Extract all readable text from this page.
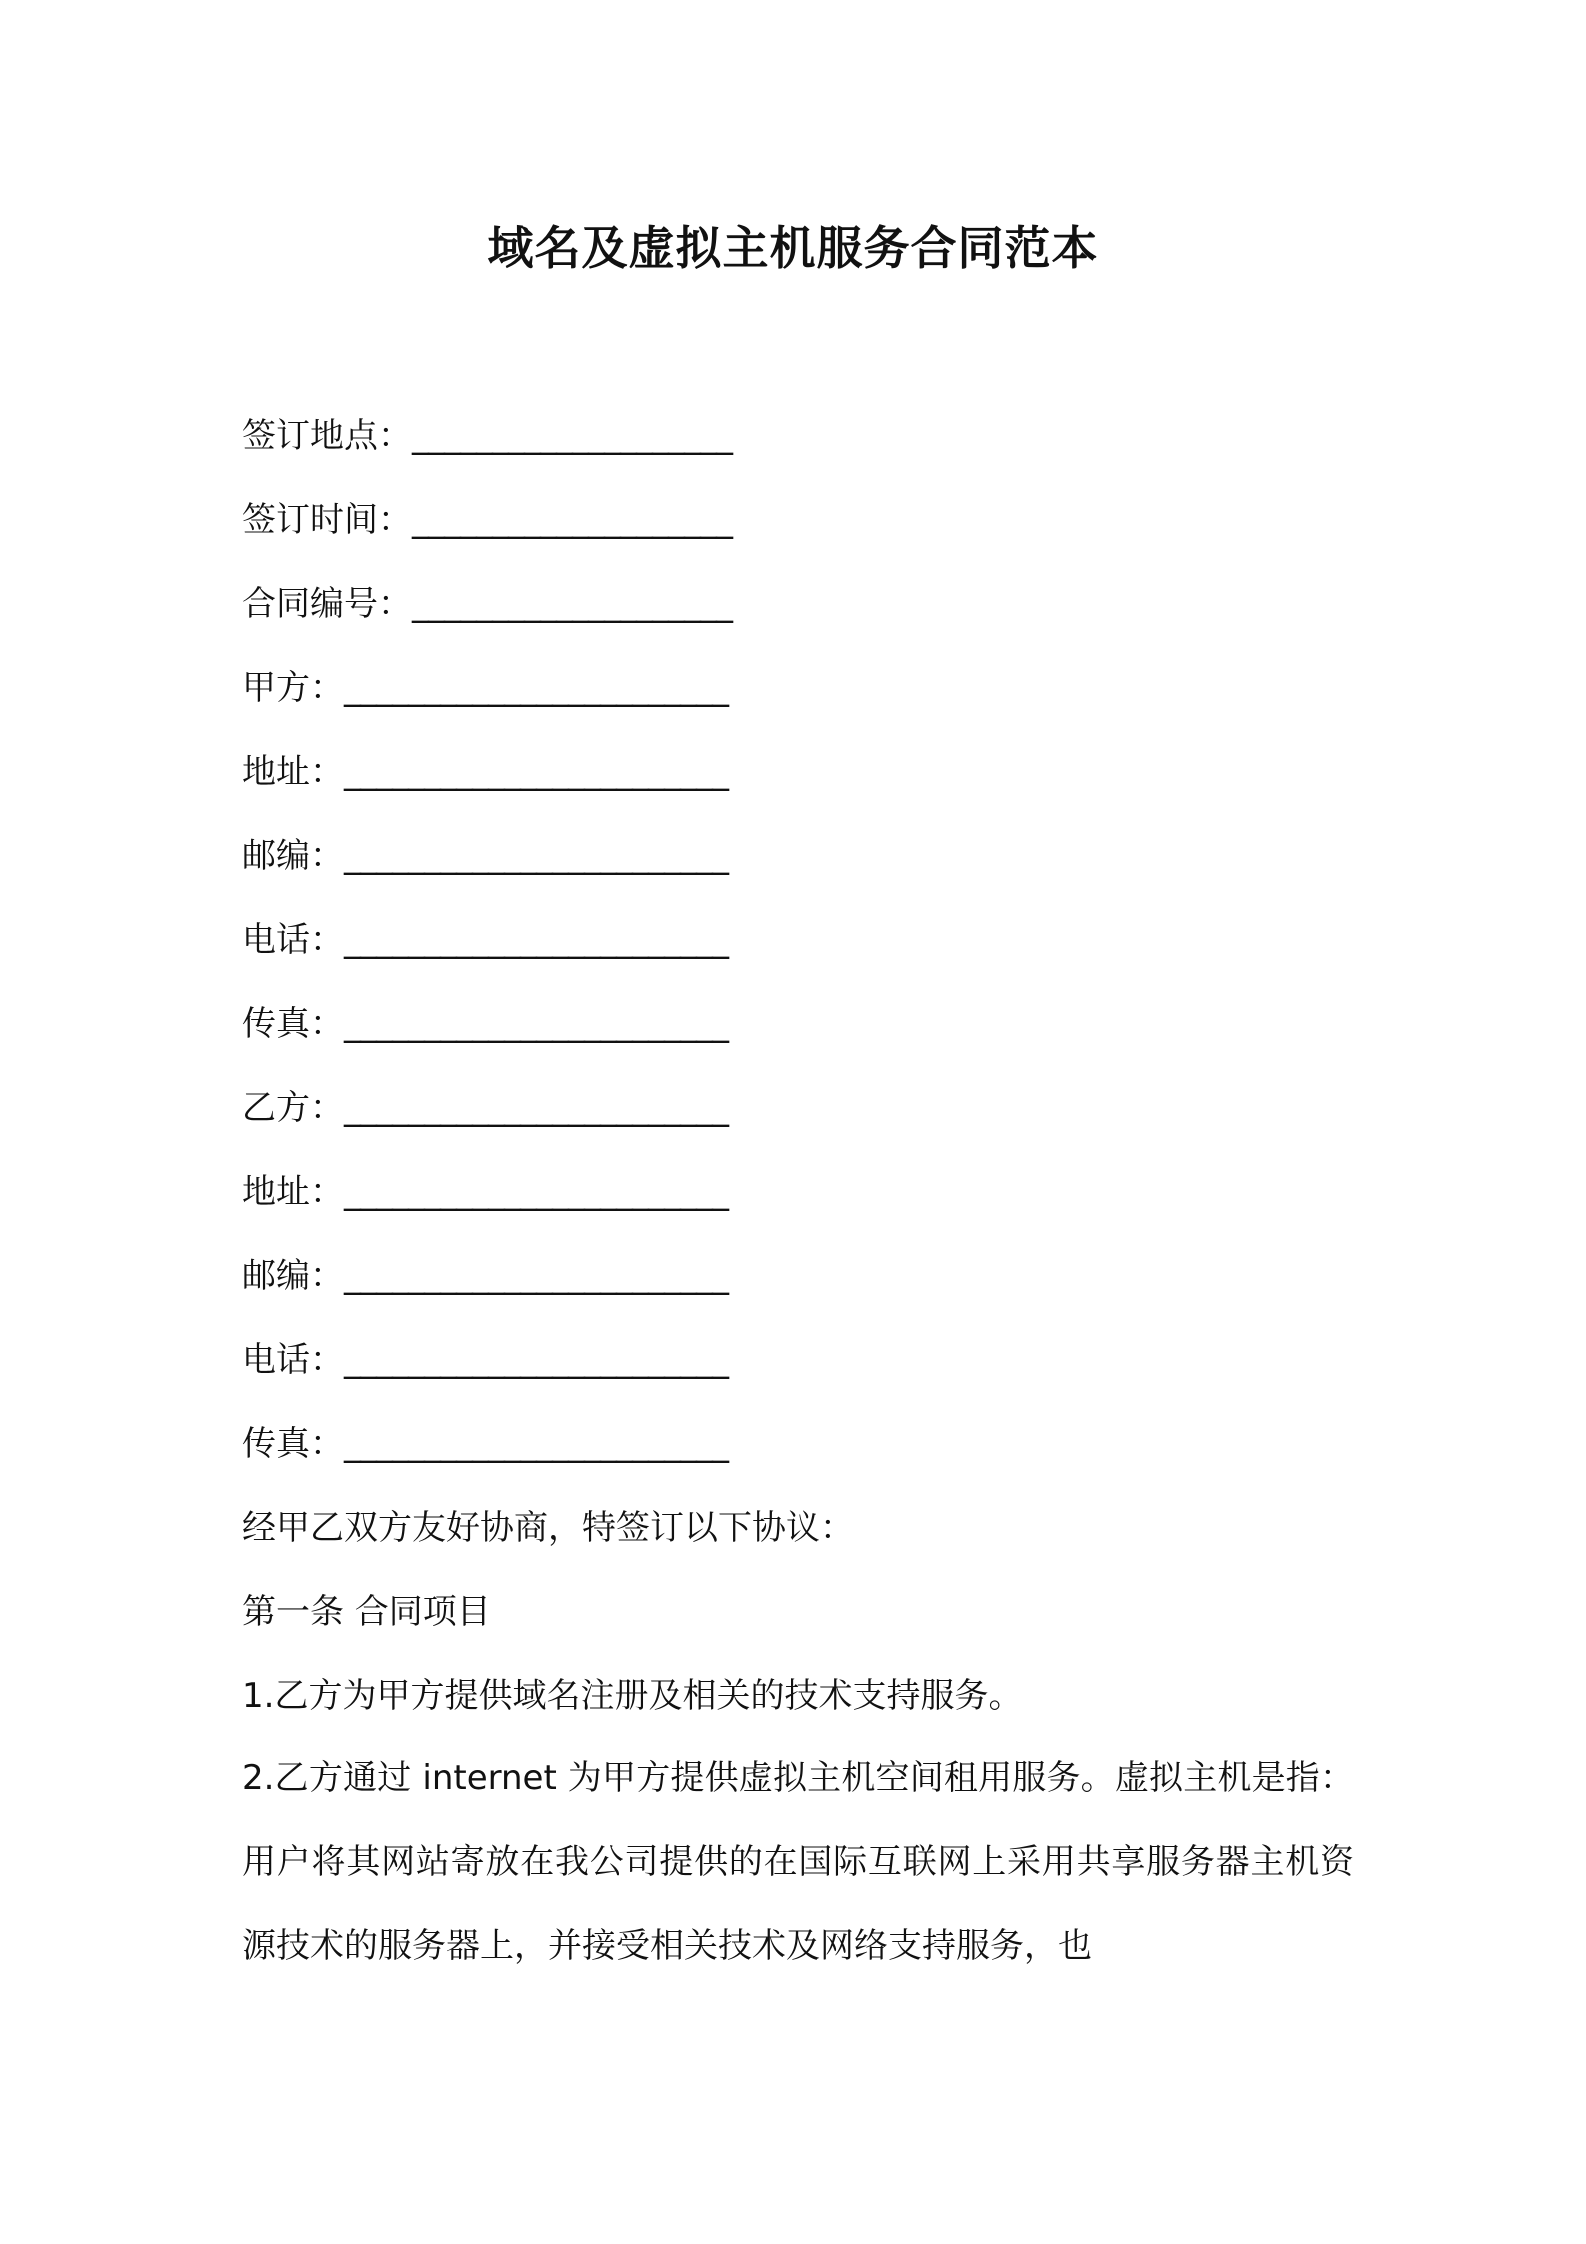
域名及虚拟主机服务合同范本
签订地点：____________________
签订时间：____________________
合同编号：____________________
甲方：________________________
地址：________________________
邮编：________________________
电话：________________________
传真：________________________
乙方：________________________
地址：________________________
邮编：________________________
电话：________________________
传真：________________________
经甲乙双方友好协商，特签订以下协议：
第一条 合同项目
1.乙方为甲方提供域名注册及相关的技术支持服务。
2.乙方通过 internet 为甲方提供虚拟主机空间租用服务。虚拟主机是指：用户将其网站寄放在我公司提供的在国际互联网上采用共享服务器主机资源技术的服务器上，并接受相关技术及网络支持服务，也
